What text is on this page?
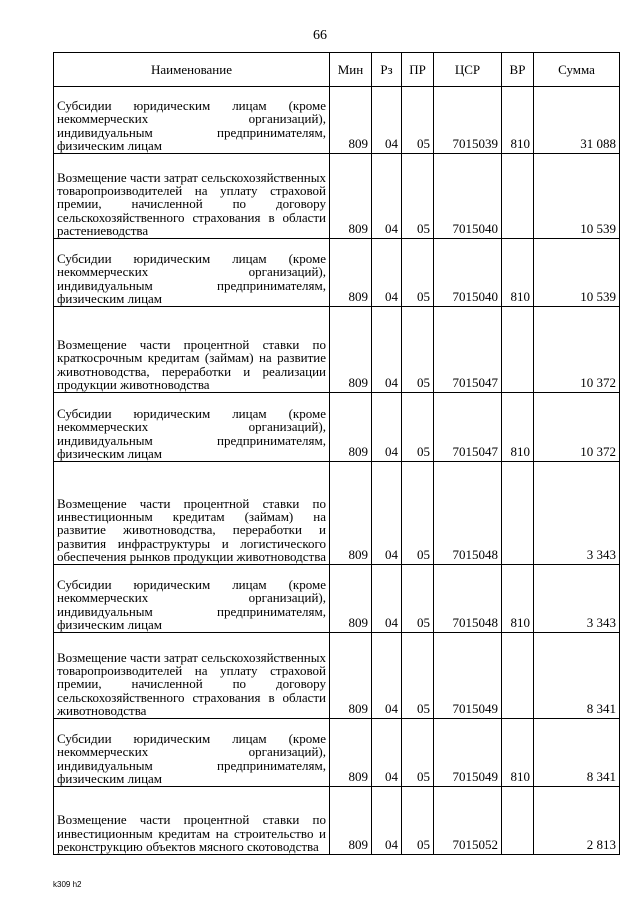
66
Наименование	Мин	Рз	ПР	ЦСР	ВР	Сумма
Субсидии юридическим лицам (кроме некоммерческих организаций), индивидуальным предпринимателям, физическим лицам	809	04	05	7015039	810	31 088
Возмещение части затрат сельскохозяйственных товаропроизводителей на уплату страховой премии, начисленной по договору сельскохозяйственного страхования в области растениеводства	809	04	05	7015040		10 539
Субсидии юридическим лицам (кроме некоммерческих организаций), индивидуальным предпринимателям, физическим лицам	809	04	05	7015040	810	10 539
Возмещение части процентной ставки по краткосрочным кредитам (займам) на развитие животноводства, переработки и реализации продукции животноводства	809	04	05	7015047		10 372
Субсидии юридическим лицам (кроме некоммерческих организаций), индивидуальным предпринимателям, физическим лицам	809	04	05	7015047	810	10 372
Возмещение части процентной ставки по инвестиционным кредитам (займам) на развитие животноводства, переработки и развития инфраструктуры и логистического обеспечения рынков продукции животноводства	809	04	05	7015048		3 343
Субсидии юридическим лицам (кроме некоммерческих организаций), индивидуальным предпринимателям, физическим лицам	809	04	05	7015048	810	3 343
Возмещение части затрат сельскохозяйственных товаропроизводителей на уплату страховой премии, начисленной по договору сельскохозяйственного страхования в области животноводства	809	04	05	7015049		8 341
Субсидии юридическим лицам (кроме некоммерческих организаций), индивидуальным предпринимателям, физическим лицам	809	04	05	7015049	810	8 341
Возмещение части процентной ставки по инвестиционным кредитам на строительство и реконструкцию объектов мясного скотоводства	809	04	05	7015052		2 813
k309 h2
